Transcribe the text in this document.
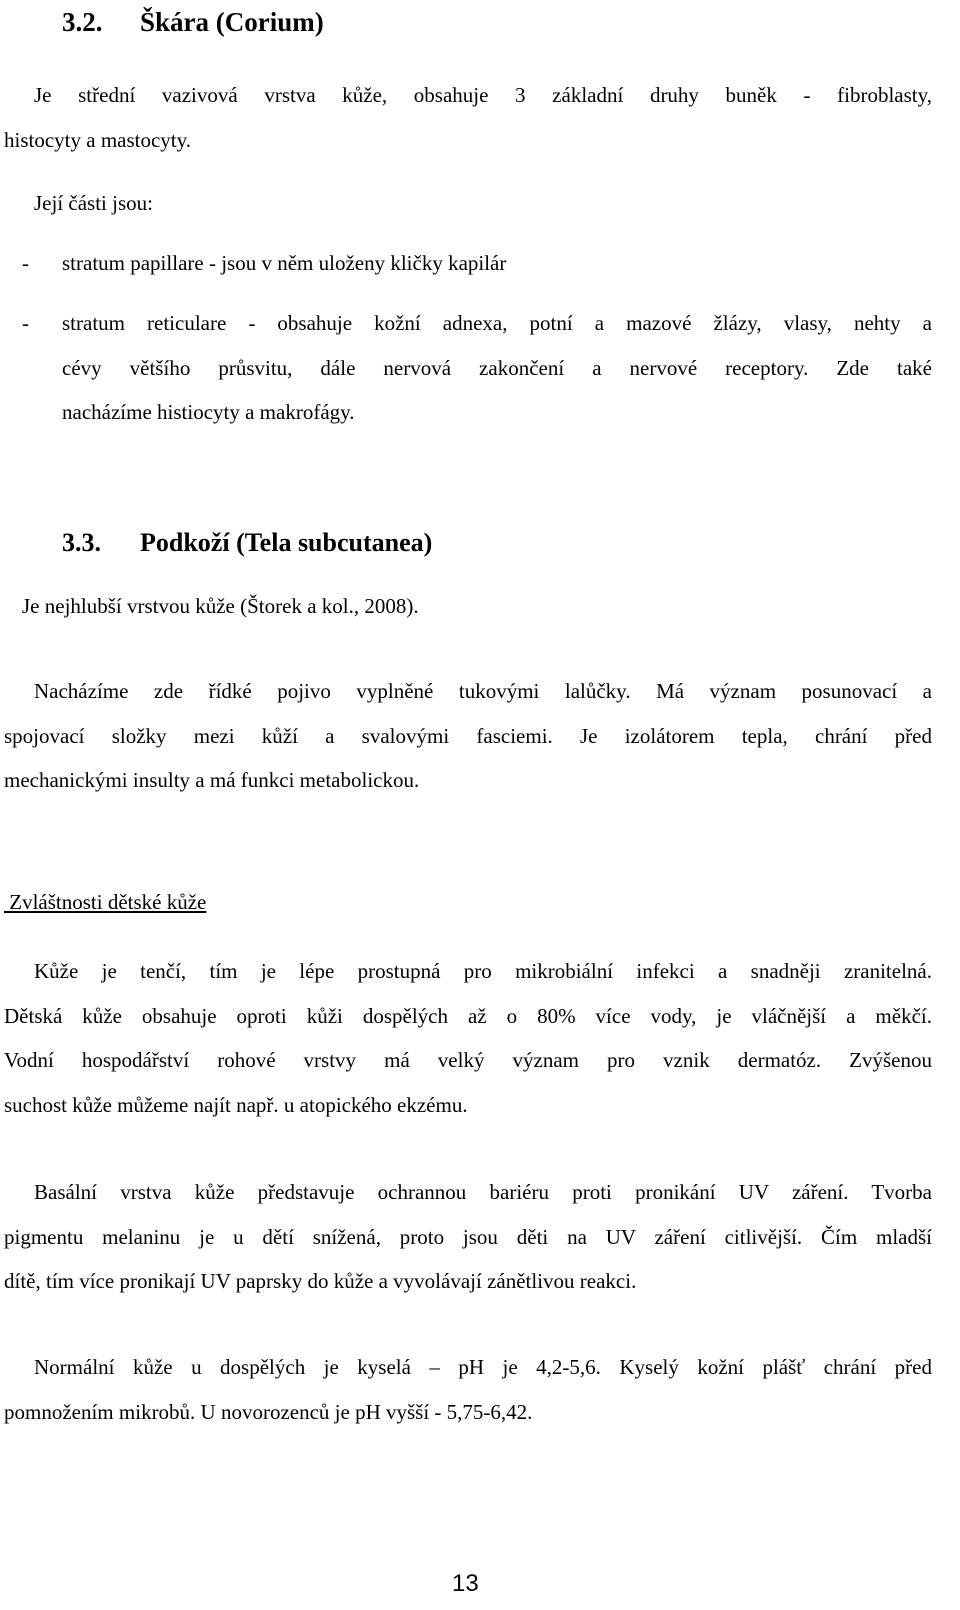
3.2. Škára (Corium)
Je střední vazivová vrstva kůže, obsahuje 3 základní druhy buněk - fibroblasty,
histocyty a mastocyty.
Její části jsou:
- stratum papillare - jsou v něm uloženy kličky kapilár
- stratum reticulare - obsahuje kožní adnexa, potní a mazové žlázy, vlasy, nehty a
cévy většího průsvitu, dále nervová zakončení a nervové receptory. Zde také
nacházíme histiocyty a makrofágy.
3.3. Podkoží (Tela subcutanea)
Je nejhlubší vrstvou kůže (Štorek a kol., 2008).
Nacházíme zde řídké pojivo vyplněné tukovými lalůčky. Má význam posunovací a
spojovací složky mezi kůží a svalovými fasciemi. Je izolátorem tepla, chrání před
mechanickými insulty a má funkci metabolickou.
Zvláštnosti dětské kůže
Kůže je tenčí, tím je lépe prostupná pro mikrobiální infekci a snadněji zranitelná.
Dětská kůže obsahuje oproti kůži dospělých až o 80% více vody, je vláčnější a měkčí.
Vodní hospodářství rohové vrstvy má velký význam pro vznik dermatóz. Zvýšenou
suchost kůže můžeme najít např. u atopického ekzému.
Basální vrstva kůže představuje ochrannou bariéru proti pronikání UV záření. Tvorba
pigmentu melaninu je u dětí snížená, proto jsou děti na UV záření citlivější. Čím mladší
dítě, tím více pronikají UV paprsky do kůže a vyvolávají zánětlivou reakci.
Normální kůže u dospělých je kyselá – pH je 4,2-5,6. Kyselý kožní plášť chrání před
pomnožením mikrobů. U novorozenců je pH vyšší - 5,75-6,42.
13
